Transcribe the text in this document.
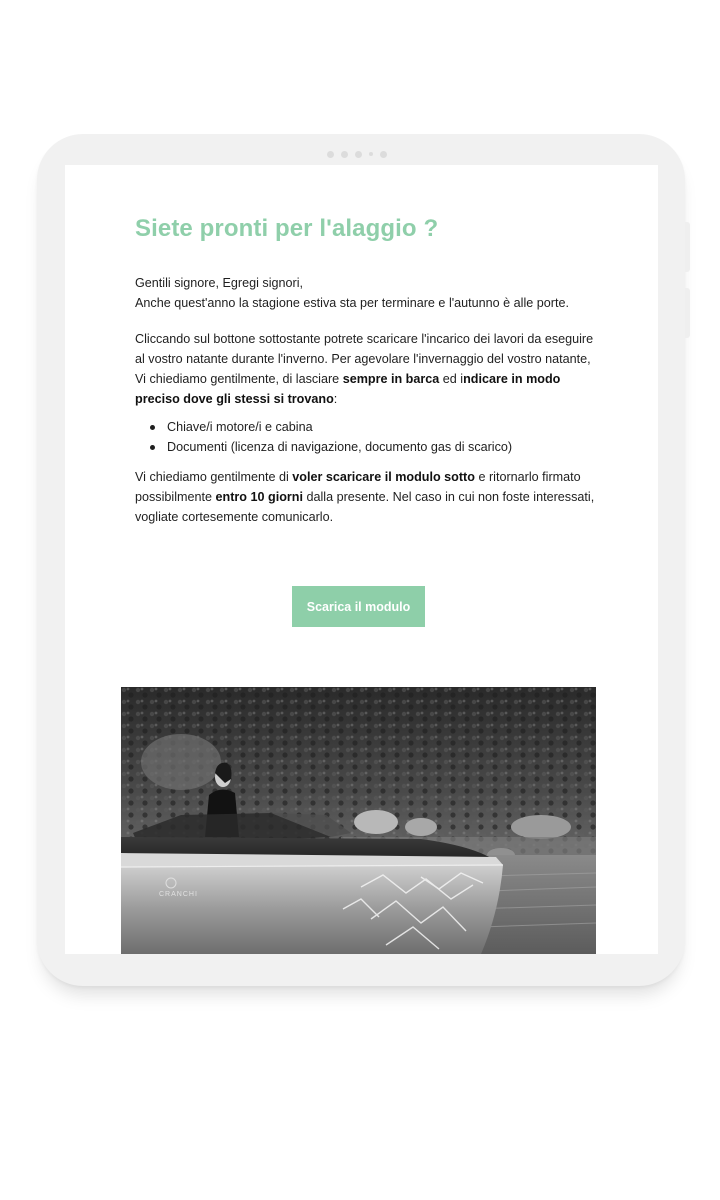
Siete pronti per l'alaggio ?

Gentili signore, Egregi signori,
Anche quest'anno la stagione estiva sta per terminare e l'autunno è alle porte.

Cliccando sul bottone sottostante potrete scaricare l'incarico dei lavori da eseguire al vostro natante durante l'inverno. Per agevolare l'invernaggio del vostro natante, Vi chiediamo gentilmente, di lasciare sempre in barca ed indicare in modo preciso dove gli stessi si trovano:

Chiave/i motore/i e cabina
Documenti (licenza di navigazione, documento gas di scarico)

Vi chiediamo gentilmente di voler scaricare il modulo sotto e ritornarlo firmato possibilmente entro 10 giorni dalla presente. Nel caso in cui non foste interessati, vogliate cortesemente comunicarlo.

Scarica il modulo
CRANCHI
